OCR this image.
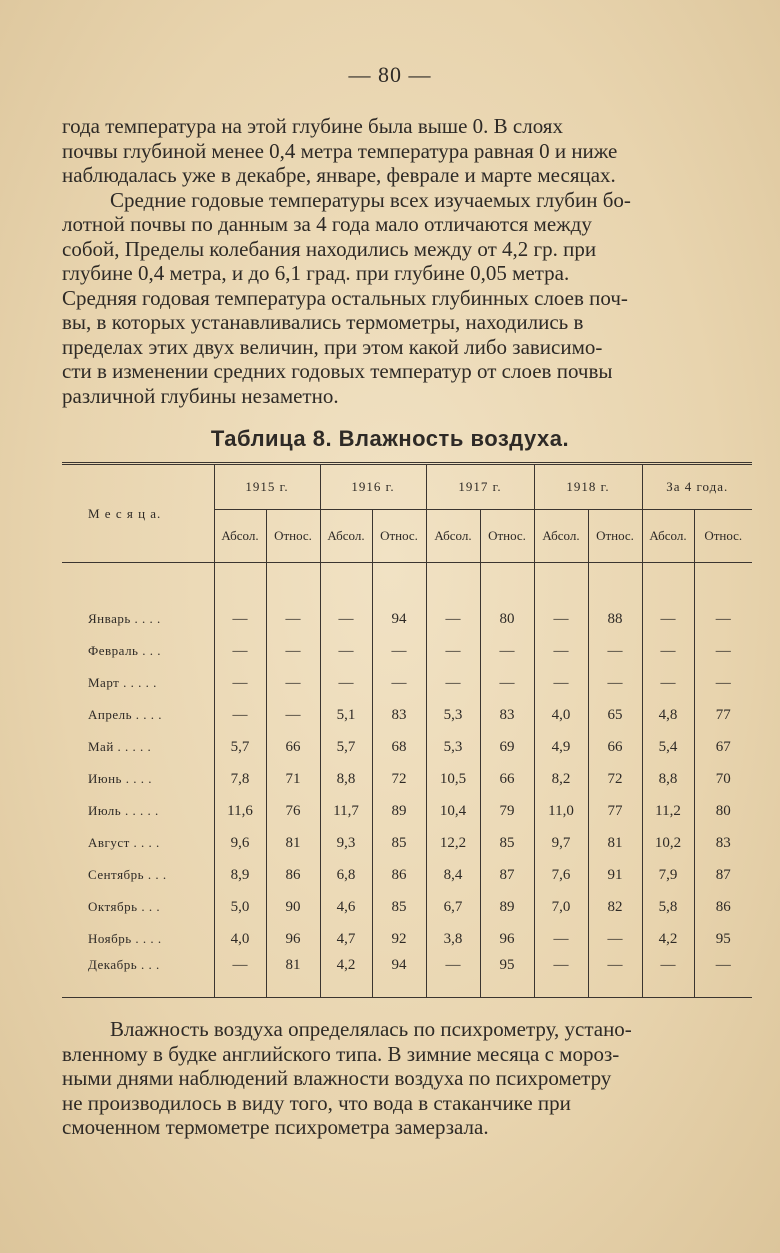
— 80 —
года температура на этой глубине была выше 0. В слоях
почвы глубиной менее 0,4 метра температура равная 0 и ниже
наблюдалась уже в декабре, январе, феврале и марте месяцах.
Средние годовые температуры всех изучаемых глубин бо-
лотной почвы по данным за 4 года мало отличаются между
собой, Пределы колебания находились между от 4,2 гр. при
глубине 0,4 метра, и до 6,1 град. при глубине 0,05 метра.
Средняя годовая температура остальных глубинных слоев поч-
вы, в которых устанавливались термометры, находились в
пределах этих двух величин, при этом какой либо зависимо-
сти в изменении средних годовых температур от слоев почвы
различной глубины незаметно.
Таблица 8. Влажность воздуха.
М е с я ц а.	1915 г.		1916 г.		1917 г.		1918 г.		За 4 года.	
	Абсол.	Относ.	Абсол.	Относ.	Абсол.	Относ.	Абсол.	Относ.	Абсол.	Относ.

Январь . . . .	—	—	—	94	—	80	—	88	—	—
Февраль . . .	—	—	—	—	—	—	—	—	—	—
Март . . . . .	—	—	—	—	—	—	—	—	—	—
Апрель . . . .	—	—	5,1	83	5,3	83	4,0	65	4,8	77
Май . . . . .	5,7	66	5,7	68	5,3	69	4,9	66	5,4	67
Июнь . . . .	7,8	71	8,8	72	10,5	66	8,2	72	8,8	70
Июль . . . . .	11,6	76	11,7	89	10,4	79	11,0	77	11,2	80
Август . . . .	9,6	81	9,3	85	12,2	85	9,7	81	10,2	83
Сентябрь . . .	8,9	86	6,8	86	8,4	87	7,6	91	7,9	87
Октябрь . . .	5,0	90	4,6	85	6,7	89	7,0	82	5,8	86
Ноябрь . . . .	4,0	96	4,7	92	3,8	96	—	—	4,2	95
Декабрь . . .	—	81	4,2	94	—	95	—	—	—	—
Влажность воздуха определялась по психрометру, устано-
вленному в будке английского типа. В зимние месяца с мороз-
ными днями наблюдений влажности воздуха по психрометру
не производилось в виду того, что вода в стаканчике при
смоченном термометре психрометра замерзала.
